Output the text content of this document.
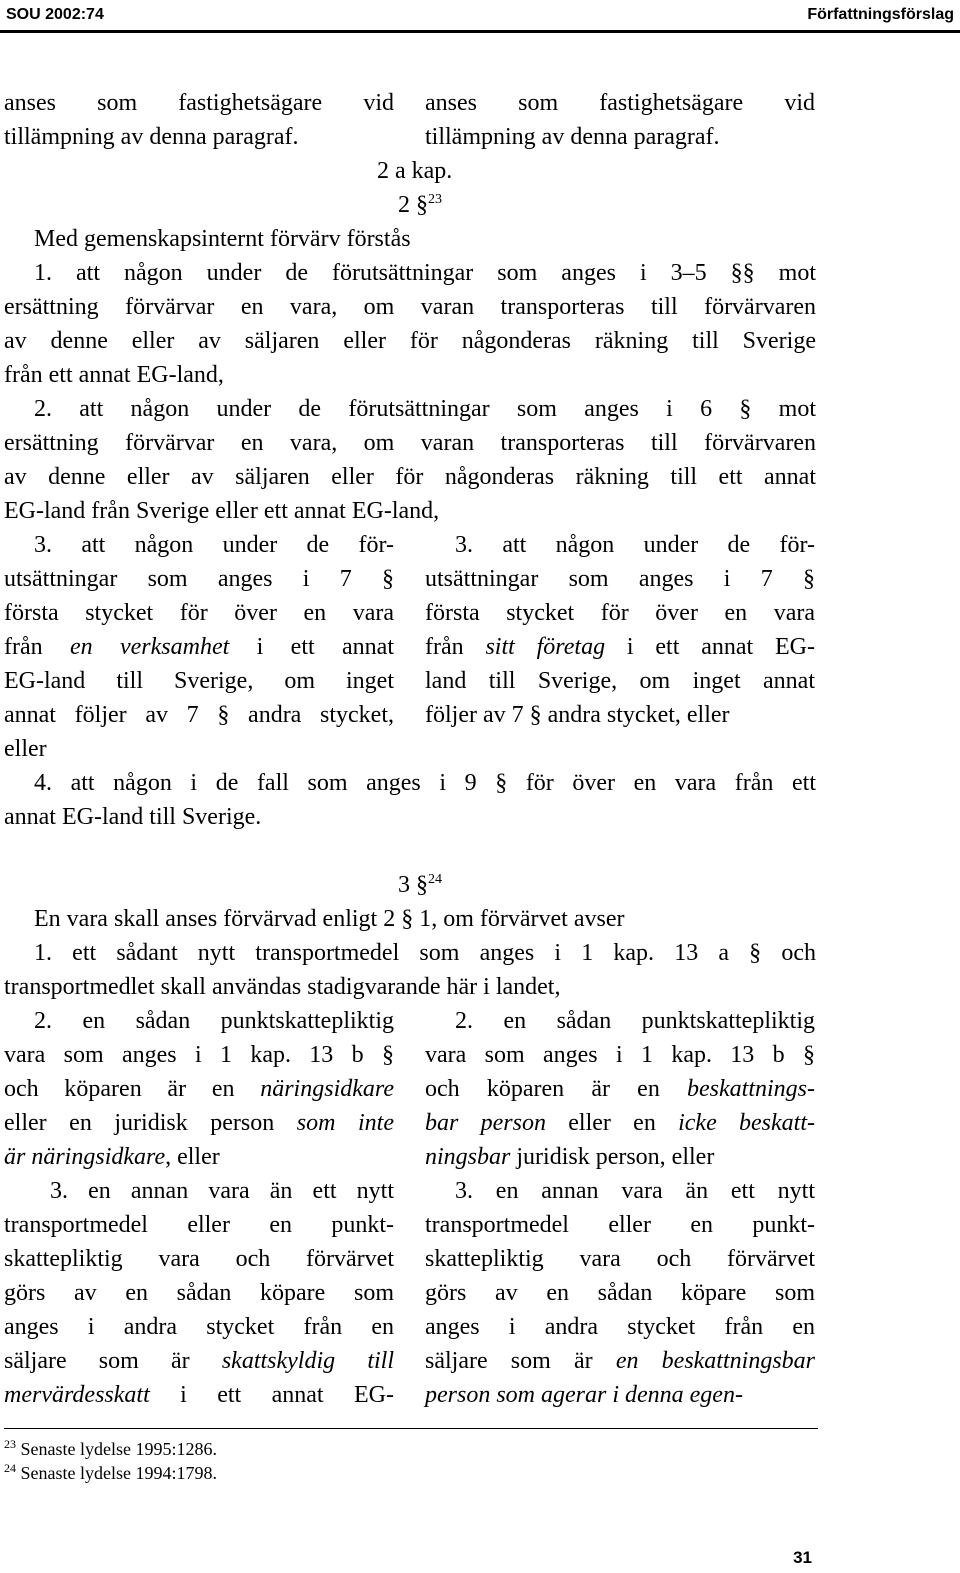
SOU 2002:74	Författningsförslag
anses som fastighetsägare vid
tillämpning av denna paragraf.
anses som fastighetsägare vid
tillämpning av denna paragraf.
2 a kap.
2 §$^{23}$
Med gemenskapsinternt förvärv förstås
1. att någon under de förutsättningar som anges i 3–5 §§ mot
ersättning förvärvar en vara, om varan transporteras till förvärvaren
av denne eller av säljaren eller för någonderas räkning till Sverige
från ett annat EG-land,
2. att någon under de förutsättningar som anges i 6 § mot
ersättning förvärvar en vara, om varan transporteras till förvärvaren
av denne eller av säljaren eller för någonderas räkning till ett annat
EG-land från Sverige eller ett annat EG-land,
3. att någon under de för-
utsättningar som anges i 7 §
första stycket för över en vara
från en verksamhet i ett annat
EG-land till Sverige, om inget
annat följer av 7 § andra stycket,
eller
3. att någon under de för-
utsättningar som anges i 7 §
första stycket för över en vara
från sitt företag i ett annat EG-
land till Sverige, om inget annat
följer av 7 § andra stycket, eller
4. att någon i de fall som anges i 9 § för över en vara från ett
annat EG-land till Sverige.
3 §$^{24}$
En vara skall anses förvärvad enligt 2 § 1, om förvärvet avser
1. ett sådant nytt transportmedel som anges i 1 kap. 13 a § och
transportmedlet skall användas stadigvarande här i landet,
2. en sådan punktskattepliktig
vara som anges i 1 kap. 13 b §
och köparen är en näringsidkare
eller en juridisk person som inte
är näringsidkare, eller
2. en sådan punktskattepliktig
vara som anges i 1 kap. 13 b §
och köparen är en beskattnings-
bar person eller en icke beskatt-
ningsbar juridisk person, eller
3. en annan vara än ett nytt
transportmedel eller en punkt-
skattepliktig vara och förvärvet
görs av en sådan köpare som
anges i andra stycket från en
säljare som är skattskyldig till
mervärdesskatt i ett annat EG-
3. en annan vara än ett nytt
transportmedel eller en punkt-
skattepliktig vara och förvärvet
görs av en sådan köpare som
anges i andra stycket från en
säljare som är en beskattningsbar
person som agerar i denna egen-
$^{23}$ Senaste lydelse 1995:1286.
$^{24}$ Senaste lydelse 1994:1798.
31
